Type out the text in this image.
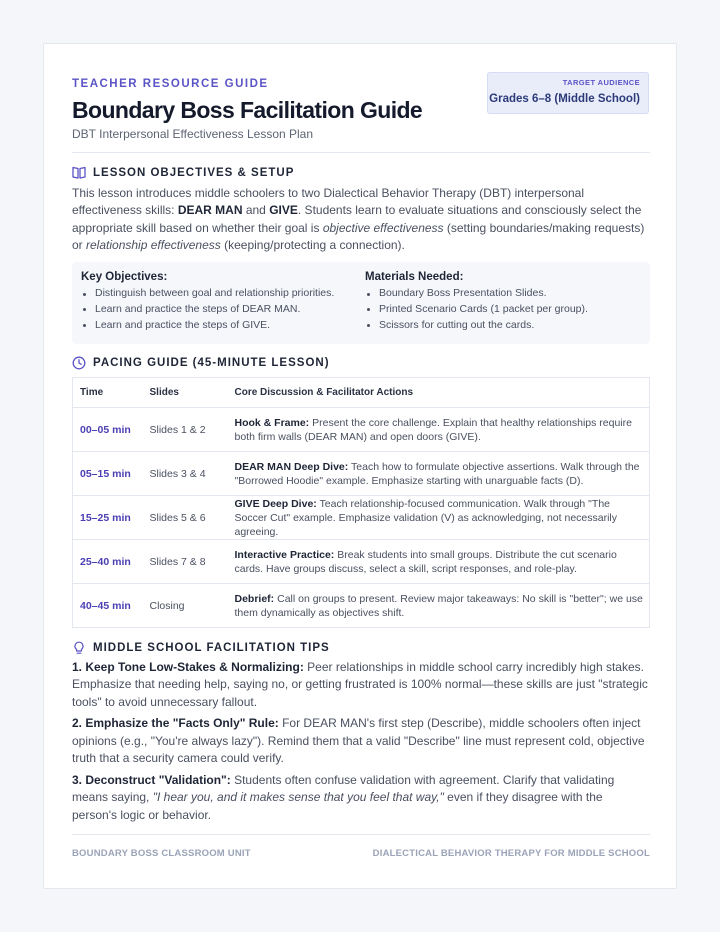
TEACHER RESOURCE GUIDE
Boundary Boss Facilitation Guide
DBT Interpersonal Effectiveness Lesson Plan
TARGET AUDIENCE
Grades 6–8 (Middle School)
LESSON OBJECTIVES & SETUP
This lesson introduces middle schoolers to two Dialectical Behavior Therapy (DBT) interpersonal effectiveness skills: DEAR MAN and GIVE. Students learn to evaluate situations and consciously select the appropriate skill based on whether their goal is objective effectiveness (setting boundaries/making requests) or relationship effectiveness (keeping/protecting a connection).
Key Objectives:
Distinguish between goal and relationship priorities.
Learn and practice the steps of DEAR MAN.
Learn and practice the steps of GIVE.
Materials Needed:
Boundary Boss Presentation Slides.
Printed Scenario Cards (1 packet per group).
Scissors for cutting out the cards.
PACING GUIDE (45-MINUTE LESSON)
Time	Slides	Core Discussion & Facilitator Actions
00–05 min	Slides 1 & 2	Hook & Frame: Present the core challenge. Explain that healthy relationships require both firm walls (DEAR MAN) and open doors (GIVE).
05–15 min	Slides 3 & 4	DEAR MAN Deep Dive: Teach how to formulate objective assertions. Walk through the "Borrowed Hoodie" example. Emphasize starting with unarguable facts (D).
15–25 min	Slides 5 & 6	GIVE Deep Dive: Teach relationship-focused communication. Walk through "The Soccer Cut" example. Emphasize validation (V) as acknowledging, not necessarily agreeing.
25–40 min	Slides 7 & 8	Interactive Practice: Break students into small groups. Distribute the cut scenario cards. Have groups discuss, select a skill, script responses, and role-play.
40–45 min	Closing	Debrief: Call on groups to present. Review major takeaways: No skill is "better"; we use them dynamically as objectives shift.
MIDDLE SCHOOL FACILITATION TIPS
1. Keep Tone Low-Stakes & Normalizing: Peer relationships in middle school carry incredibly high stakes. Emphasize that needing help, saying no, or getting frustrated is 100% normal—these skills are just "strategic tools" to avoid unnecessary fallout.
2. Emphasize the "Facts Only" Rule: For DEAR MAN's first step (Describe), middle schoolers often inject opinions (e.g., "You're always lazy"). Remind them that a valid "Describe" line must represent cold, objective truth that a security camera could verify.
3. Deconstruct "Validation": Students often confuse validation with agreement. Clarify that validating means saying, "I hear you, and it makes sense that you feel that way," even if they disagree with the person's logic or behavior.
BOUNDARY BOSS CLASSROOM UNIT	DIALECTICAL BEHAVIOR THERAPY FOR MIDDLE SCHOOL
